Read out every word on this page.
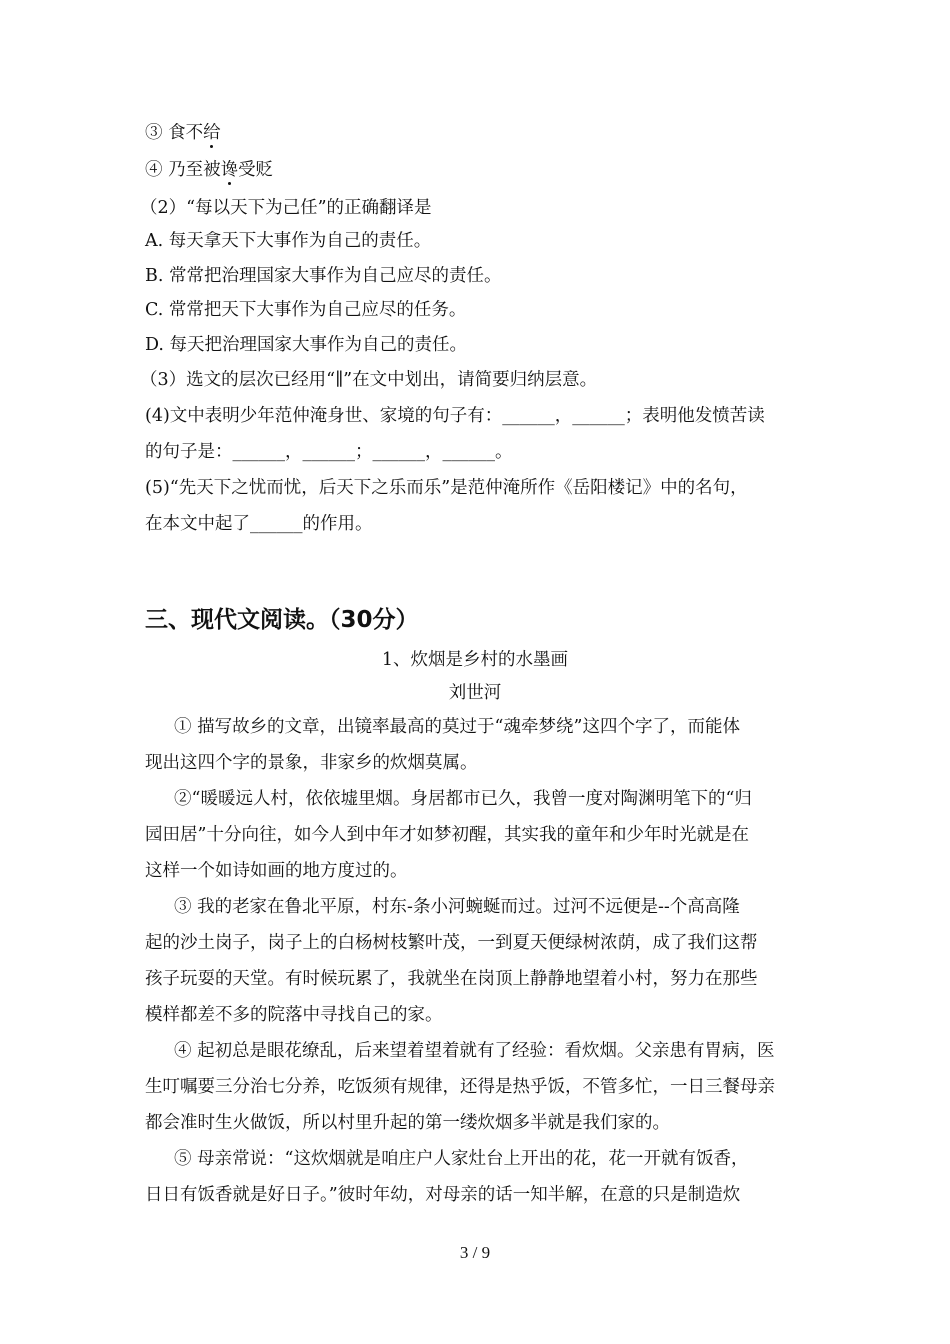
③ 食不给
④ 乃至被谗受贬
（2）“每以天下为己任”的正确翻译是
A. 每天拿天下大事作为自己的责任。
B. 常常把治理国家大事作为自己应尽的责任。
C. 常常把天下大事作为自己应尽的任务。
D. 每天把治理国家大事作为自己的责任。
（3）选文的层次已经用“∥”在文中划出，请简要归纳层意。
(4)文中表明少年范仲淹身世、家境的句子有：______，______；表明他发愤苦读
的句子是：______，______；______，______。
(5)“先天下之忧而忧，后天下之乐而乐”是范仲淹所作《岳阳楼记》中的名句，
在本文中起了______的作用。
三、现代文阅读。（30分）
1、炊烟是乡村的水墨画
刘世河
① 描写故乡的文章，出镜率最高的莫过于“魂牵梦绕”这四个字了，而能体
现出这四个字的景象，非家乡的炊烟莫属。
②“暖暖远人村，依依墟里烟。身居都市已久，我曾一度对陶渊明笔下的“归
园田居”十分向往，如今人到中年才如梦初醒，其实我的童年和少年时光就是在
这样一个如诗如画的地方度过的。
③ 我的老家在鲁北平原，村东-条小河蜿蜒而过。过河不远便是--个高高隆
起的沙土岗子，岗子上的白杨树枝繁叶茂，一到夏天便绿树浓荫，成了我们这帮
孩子玩耍的天堂。有时候玩累了，我就坐在岗顶上静静地望着小村，努力在那些
模样都差不多的院落中寻找自己的家。
④ 起初总是眼花缭乱，后来望着望着就有了经验：看炊烟。父亲患有胃病，医
生叮嘱要三分治七分养，吃饭须有规律，还得是热乎饭，不管多忙，一日三餐母亲
都会准时生火做饭，所以村里升起的第一缕炊烟多半就是我们家的。
⑤ 母亲常说：“这炊烟就是咱庄户人家灶台上开出的花，花一开就有饭香，
日日有饭香就是好日子。”彼时年幼，对母亲的话一知半解，在意的只是制造炊
3 / 9
